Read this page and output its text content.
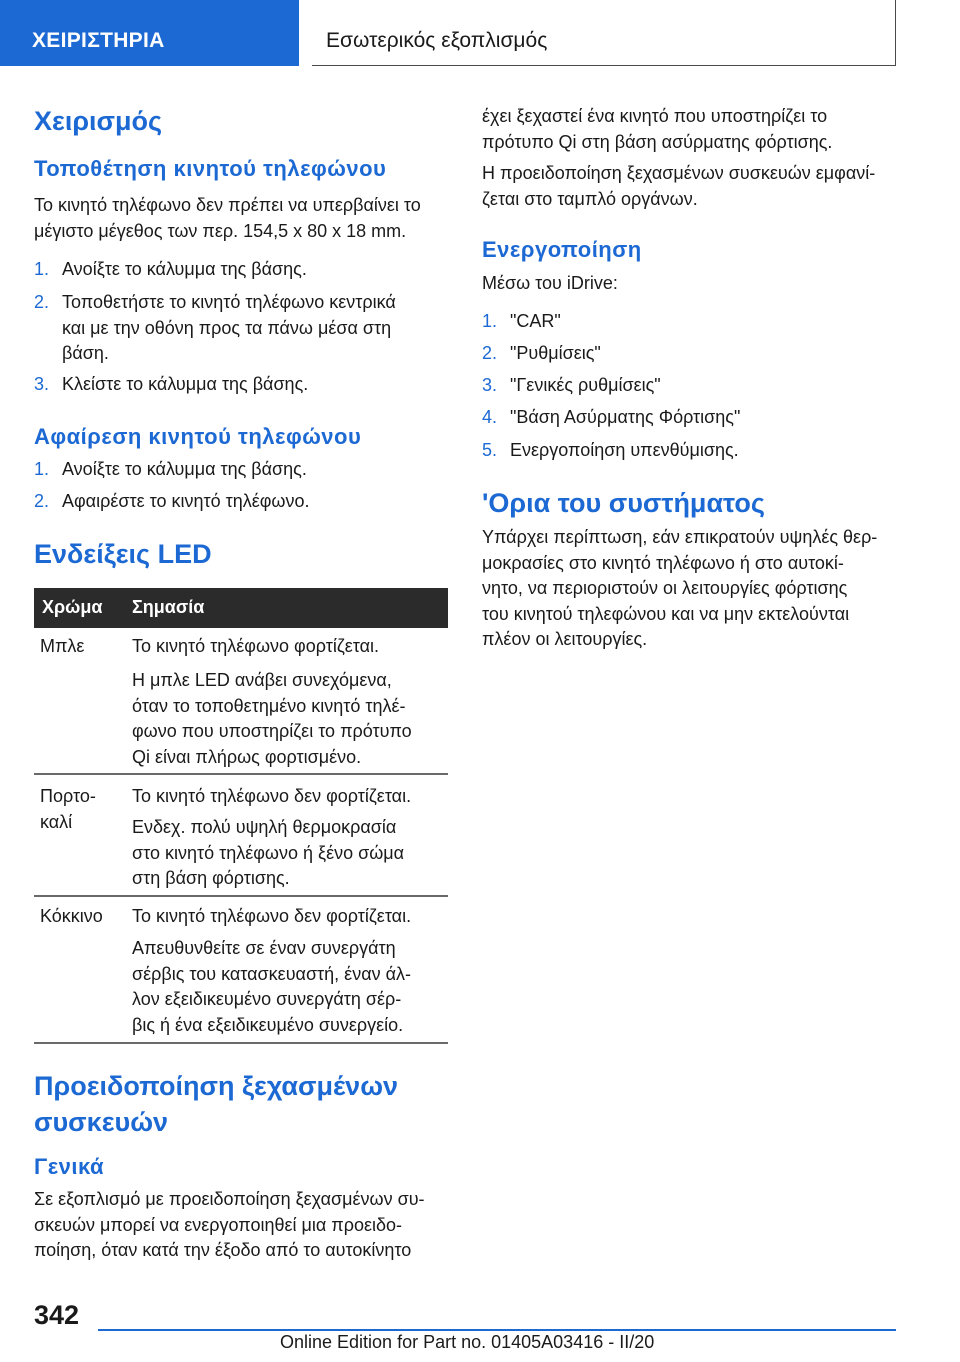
ΧΕΙΡΙΣΤΗΡΙΑ	Εσωτερικός εξοπλισμός
Χειρισμός
Τοποθέτηση κινητού τηλεφώνου
Το κινητό τηλέφωνο δεν πρέπει να υπερβαίνει το
μέγιστο μέγεθος των περ. 154,5 x 80 x 18 mm.
1. Ανοίξτε το κάλυμμα της βάσης.
2. Τοποθετήστε το κινητό τηλέφωνο κεντρικά
και με την οθόνη προς τα πάνω μέσα στη
βάση.
3. Κλείστε το κάλυμμα της βάσης.
Αφαίρεση κινητού τηλεφώνου
1. Ανοίξτε το κάλυμμα της βάσης.
2. Αφαιρέστε το κινητό τηλέφωνο.
Ενδείξεις LED
Χρώμα Σημασία
Μπλε	Το κινητό τηλέφωνο φορτίζεται.
Η μπλε LED ανάβει συνεχόμενα,
όταν το τοποθετημένο κινητό τηλέ-
φωνο που υποστηρίζει το πρότυπο
Qi είναι πλήρως φορτισμένο.
Πορτο-
καλί
Το κινητό τηλέφωνο δεν φορτίζεται.
Ενδεχ. πολύ υψηλή θερμοκρασία
στο κινητό τηλέφωνο ή ξένο σώμα
στη βάση φόρτισης.
Κόκκινο Το κινητό τηλέφωνο δεν φορτίζεται.
Απευθυνθείτε σε έναν συνεργάτη
σέρβις του κατασκευαστή, έναν άλ-
λον εξειδικευμένο συνεργάτη σέρ-
βις ή ένα εξειδικευμένο συνεργείο.
Προειδοποίηση ξεχασμένων
συσκευών
Γενικά
Σε εξοπλισμό με προειδοποίηση ξεχασμένων συ-
σκευών μπορεί να ενεργοποιηθεί μια προειδο-
ποίηση, όταν κατά την έξοδο από το αυτοκίνητο
έχει ξεχαστεί ένα κινητό που υποστηρίζει το
πρότυπο Qi στη βάση ασύρματης φόρτισης.
Η προειδοποίηση ξεχασμένων συσκευών εμφανί-
ζεται στο ταμπλό οργάνων.
Ενεργοποίηση
Μέσω του iDrive:
1. "CAR"
2. "Ρυθμίσεις"
3. "Γενικές ρυθμίσεις"
4. "Βάση Ασύρματης Φόρτισης"
5. Ενεργοποίηση υπενθύμισης.
'Ορια του συστήματος
Υπάρχει περίπτωση, εάν επικρατούν υψηλές θερ-
μοκρασίες στο κινητό τηλέφωνο ή στο αυτοκί-
νητο, να περιοριστούν οι λειτουργίες φόρτισης
του κινητού τηλεφώνου και να μην εκτελούνται
πλέον οι λειτουργίες.
342
Online Edition for Part no. 01405A03416 - II/20
